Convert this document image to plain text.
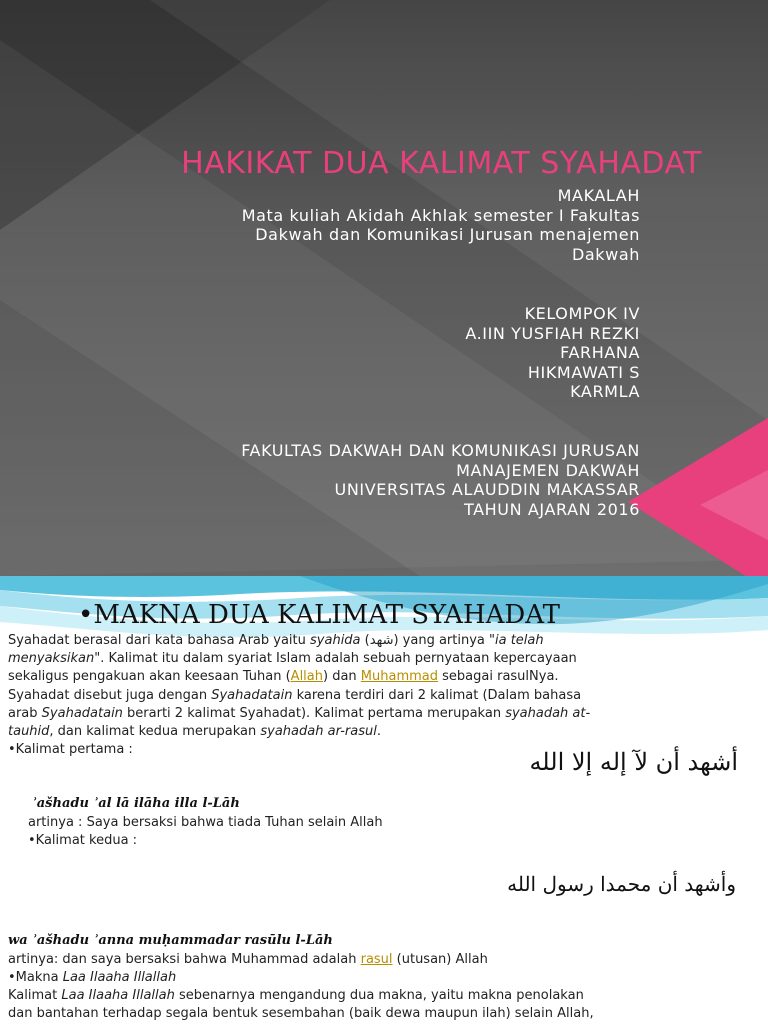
HAKIKAT DUA KALIMAT SYAHADAT
MAKALAH
Mata kuliah Akidah Akhlak semester I Fakultas
Dakwah dan Komunikasi Jurusan menajemen
Dakwah
KELOMPOK IV
A.IIN YUSFIAH REZKI
FARHANA
HIKMAWATI S
KARMLA
FAKULTAS DAKWAH DAN KOMUNIKASI JURUSAN
MANAJEMEN DAKWAH
UNIVERSITAS ALAUDDIN MAKASSAR
TAHUN AJARAN 2016
•MAKNA DUA KALIMAT SYAHADAT

Syahadat berasal dari kata bahasa Arab yaitu syahida (شهد) yang artinya "ia telah

menyaksikan". Kalimat itu dalam syariat Islam adalah sebuah pernyataan kepercayaan

sekaligus pengakuan akan keesaan Tuhan (Allah) dan Muhammad sebagai rasulNya.

Syahadat disebut juga dengan Syahadatain karena terdiri dari 2 kalimat (Dalam bahasa

arab Syahadatain berarti 2 kalimat Syahadat). Kalimat pertama merupakan syahadah at-

tauhid, dan kalimat kedua merupakan syahadah ar-rasul.

•Kalimat pertama :	أشهد أن لآ إله إلا الله
ʾašhadu ʾal lā ilāha illa l-Lāh
artinya : Saya bersaksi bahwa tiada Tuhan selain Allah
•Kalimat kedua :
وأشهد أن محمدا رسول الله
wa ʾašhadu ʾanna muḥammadar rasūlu l-Lāh
artinya: dan saya bersaksi bahwa Muhammad adalah rasul (utusan) Allah
•Makna Laa Ilaaha Illallah
Kalimat Laa Ilaaha Illallah sebenarnya mengandung dua makna, yaitu makna penolakan
dan bantahan terhadap segala bentuk sesembahan (baik dewa maupun ilah) selain Allah,
